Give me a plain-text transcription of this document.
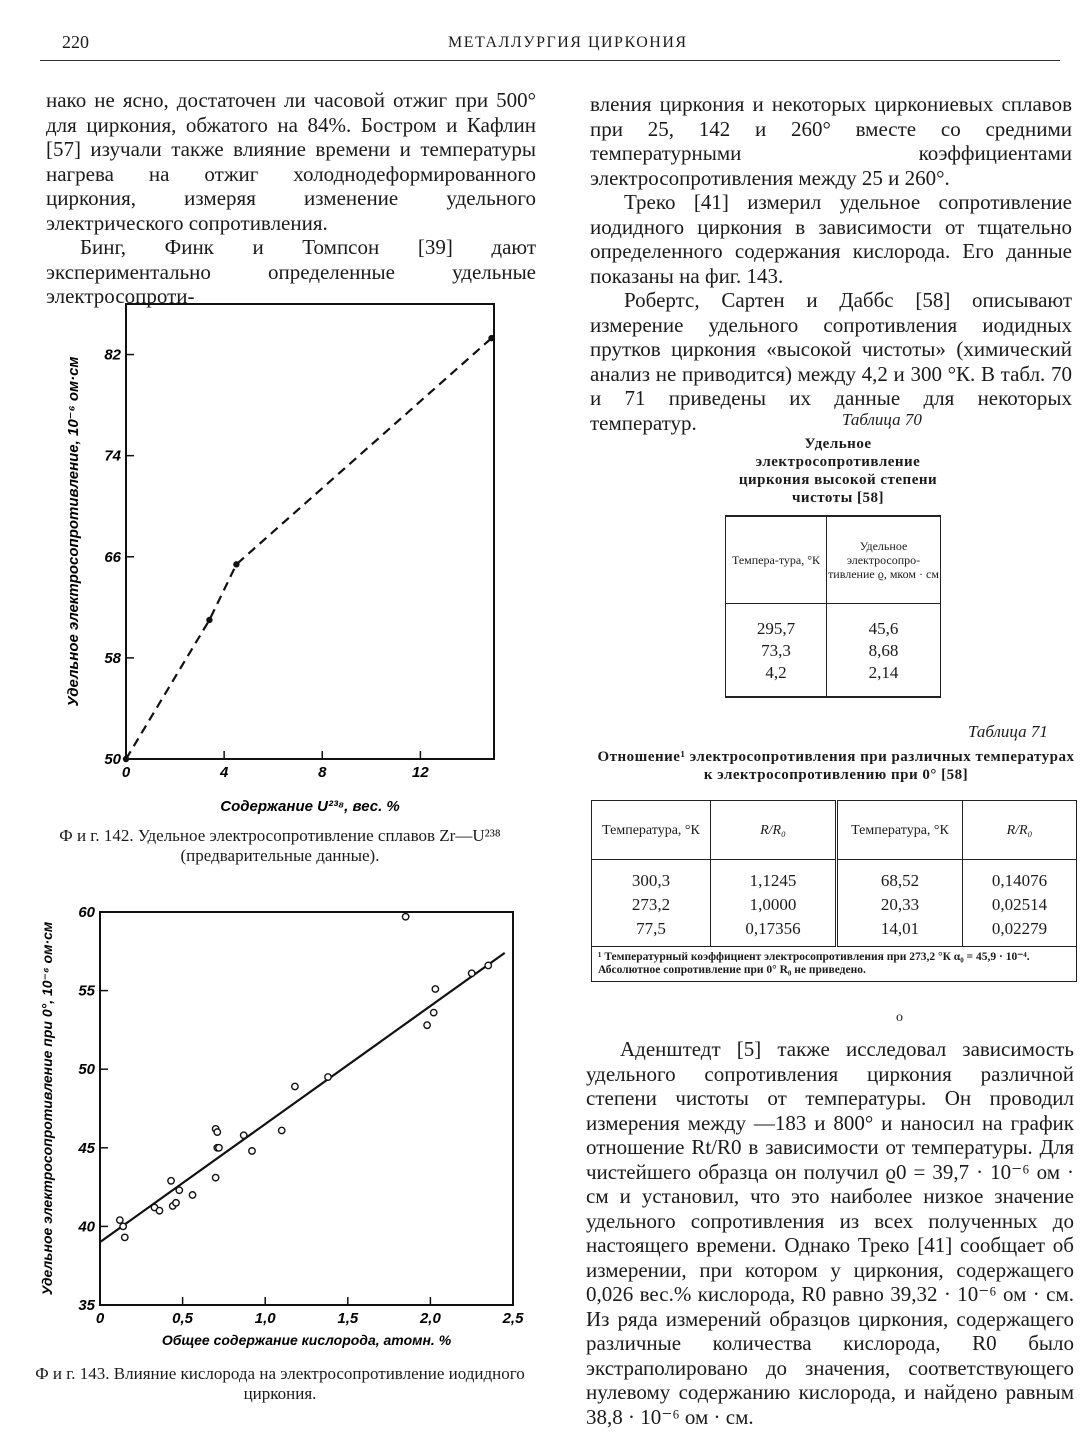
220	МЕТАЛЛУРГИЯ ЦИРКОНИЯ

нако не ясно, достаточен ли часовой отжиг при 500° для циркония, обжатого на 84%. Бостром и Кафлин [57] изучали также влияние времени и температуры нагрева на отжиг холоднодеформированного циркония, измеряя изменение удельного электрического сопротивления.

Бинг, Финк и Томпсон [39] дают экспериментально определенные удельные электросопроти-

вления циркония и некоторых циркониевых сплавов при 25, 142 и 260° вместе со средними температурными коэффициентами электросопротивления между 25 и 260°.

Треко [41] измерил удельное сопротивление иодидного циркония в зависимости от тщательно определенного содержания кислорода. Его данные показаны на фиг. 143.

Робертс, Сартен и Даббс [58] описывают измерение удельного сопротивления иодидных прутков циркония «высокой чистоты» (химический анализ не приводится) между 4,2 и 300 °К. В табл. 70 и 71 приведены их данные для некоторых температур.

0	4	8	12
50
58
66
74
82
Содержание U²³⁸, вес. %
Удельное электросопротивление, 10⁻⁶ ом·см
Ф и г. 142. Удельное электросопротивление сплавов Zr—U²³⁸ (предварительные данные).
0	0,5	1,0	1,5	2,0	2,5
35
40
45
50
55
60
Общее содержание кислорода, атомн. %
Удельное электросопротивление при 0°, 10⁻⁶ ом·см
Ф и г. 143. Влияние кислорода на электросопротивление иодидного циркония.
Таблица 70
Удельное электросопротивление циркония высокой степени чистоты [58]
Темпера-тура, °К	Удельное электросопро-тивление ϱ, мком · см
295,7	45,6
73,3	8,68
4,2	2,14
Таблица 71
Отношение¹ электросопротивления при различных температурах к электросопротивлению при 0° [58]
Температура, °К	R/R₀	Температура, °К	R/R₀
300,3	1,1245	68,52	0,14076
273,2	1,0000	20,33	0,02514
77,5	0,17356	14,01	0,02279
¹ Температурный коэффициент электросопротивления при 273,2 °К α₀ = 45,9 · 10⁻⁴. Абсолютное сопротивление при 0° R₀ не приведено.			
о

Аденштедт [5] также исследовал зависимость удельного сопротивления циркония различной степени чистоты от температуры. Он проводил измерения между —183 и 800° и наносил на график отношение Rt/R0 в зависимости от температуры. Для чистейшего образца он получил ϱ0 = 39,7 · 10⁻⁶ ом · см и установил, что это наиболее низкое значение удельного сопротивления из всех полученных до настоящего времени. Однако Треко [41] сообщает об измерении, при котором у циркония, содержащего 0,026 вес.% кислорода, R0 равно 39,32 · 10⁻⁶ ом · см. Из ряда измерений образцов циркония, содержащего различные количества кислорода, R0 было экстраполировано до значения, соответствующего нулевому содержанию кислорода, и найдено равным 38,8 · 10⁻⁶ ом · см.
